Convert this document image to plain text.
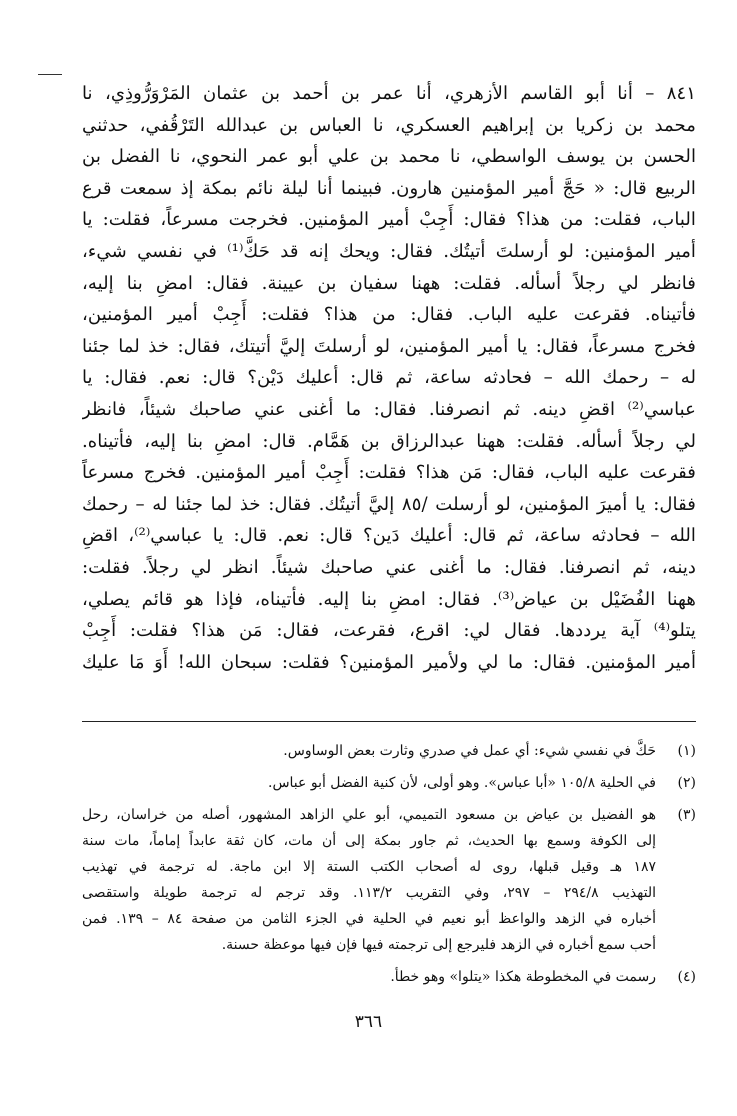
٨٤١ – أنا أبو القاسم الأزهري، أنا عمر بن أحمد بن عثمان المَرْوَرُّوذِي، نا
محمد بن زكريا بن إبراهيم العسكري، نا العباس بن عبدالله التَرْقُفي، حدثني
الحسن بن يوسف الواسطي، نا محمد بن علي أبو عمر النحوي، نا الفضل بن
الربيع قال: « حَجَّ أمير المؤمنين هارون. فبينما أنا ليلة نائم بمكة إذ سمعت قرع
الباب، فقلت: من هذا؟ فقال: أَجِبْ أمير المؤمنين. فخرجت مسرعاً، فقلت: يا
أمير المؤمنين: لو أرسلتَ أتيتُك. فقال: ويحك إنه قد حَكَّ⁽¹⁾ في نفسي شيء،
فانظر لي رجلاً أسأله. فقلت: ههنا سفيان بن عيينة. فقال: امضِ بنا إليه،
فأتيناه. فقرعت عليه الباب. فقال: من هذا؟ فقلت: أَجِبْ أمير المؤمنين،
فخرج مسرعاً، فقال: يا أمير المؤمنين، لو أرسلتَ إليَّ أتيتك، فقال: خذ لما جئنا
له – رحمك الله – فحادثه ساعة، ثم قال: أعليك دَيْن؟ قال: نعم. فقال: يا
عباسي⁽²⁾ اقضِ دينه. ثم انصرفنا. فقال: ما أغنى عني صاحبك شيئاً، فانظر
لي رجلاً أسأله. فقلت: ههنا عبدالرزاق بن هَمَّام. قال: امضِ بنا إليه، فأتيناه.
فقرعت عليه الباب، فقال: مَن هذا؟ فقلت: أَجِبْ أمير المؤمنين. فخرج مسرعاً
فقال: يا أميرَ المؤمنين، لو أرسلت /٨٥ إليَّ أتيتُك. فقال: خذ لما جئنا له – رحمك
الله – فحادثه ساعة، ثم قال: أعليك دَين؟ قال: نعم. قال: يا عباسي⁽²⁾، اقضِ
دينه، ثم انصرفنا. فقال: ما أغنى عني صاحبك شيئاً. انظر لي رجلاً. فقلت:
ههنا الفُضَيْل بن عياض⁽³⁾. فقال: امضِ بنا إليه. فأتيناه، فإذا هو قائم يصلي،
يتلو⁽⁴⁾ آية يرددها. فقال لي: اقرع، فقرعت، فقال: مَن هذا؟ فقلت: أَجِبْ
أمير المؤمنين. فقال: ما لي ولأمير المؤمنين؟ فقلت: سبحان الله! أَوَ مَا عليك
(١)
حَكَّ في نفسي شيء: أي عمل في صدري وثارت بعض الوساوس.
(٢)
في الحلية ١٠٥/٨ «أبا عباس». وهو أولى، لأن كنية الفضل أبو عباس.
(٣)
هو الفضيل بن عياض بن مسعود التميمي، أبو علي الزاهد المشهور، أصله من خراسان، رحل
إلى الكوفة وسمع بها الحديث، ثم جاور بمكة إلى أن مات، كان ثقة عابداً إماماً، مات سنة
١٨٧ هـ وقيل قبلها، روى له أصحاب الكتب الستة إلا ابن ماجة. له ترجمة في تهذيب
التهذيب ٢٩٤/٨ – ٢٩٧، وفي التقريب ١١٣/٢. وقد ترجم له ترجمة طويلة واستقصى
أخباره في الزهد والواعظ أبو نعيم في الحلية في الجزء الثامن من صفحة ٨٤ – ١٣٩. فمن
أحب سمع أخباره في الزهد فليرجع إلى ترجمته فيها فإن فيها موعظة حسنة.
(٤)
رسمت في المخطوطة هكذا «يتلوا» وهو خطأ.
٣٦٦
